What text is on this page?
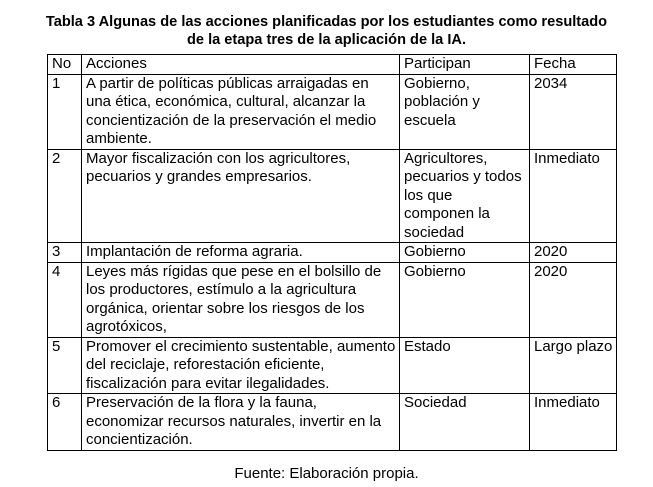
Tabla 3 Algunas de las acciones planificadas por los estudiantes como resultado
de la etapa tres de la aplicación de la IA.
No	Acciones	Participan	Fecha
1	A partir de políticas públicas arraigadas en una ética, económica, cultural, alcanzar la concientización de la preservación el medio ambiente.	Gobierno, población y escuela	2034
2	Mayor fiscalización con los agricultores, pecuarios y grandes empresarios.	Agricultores, pecuarios y todos los que componen la sociedad	Inmediato
3	Implantación de reforma agraria.	Gobierno	2020
4	Leyes más rígidas que pese en el bolsillo de los productores, estímulo a la agricultura orgánica, orientar sobre los riesgos de los agrotóxicos,	Gobierno	2020
5	Promover el crecimiento sustentable, aumento del reciclaje, reforestación eficiente, fiscalización para evitar ilegalidades.	Estado	Largo plazo
6	Preservación de la flora y la fauna, economizar recursos naturales, invertir en la concientización.	Sociedad	Inmediato
Fuente: Elaboración propia.
